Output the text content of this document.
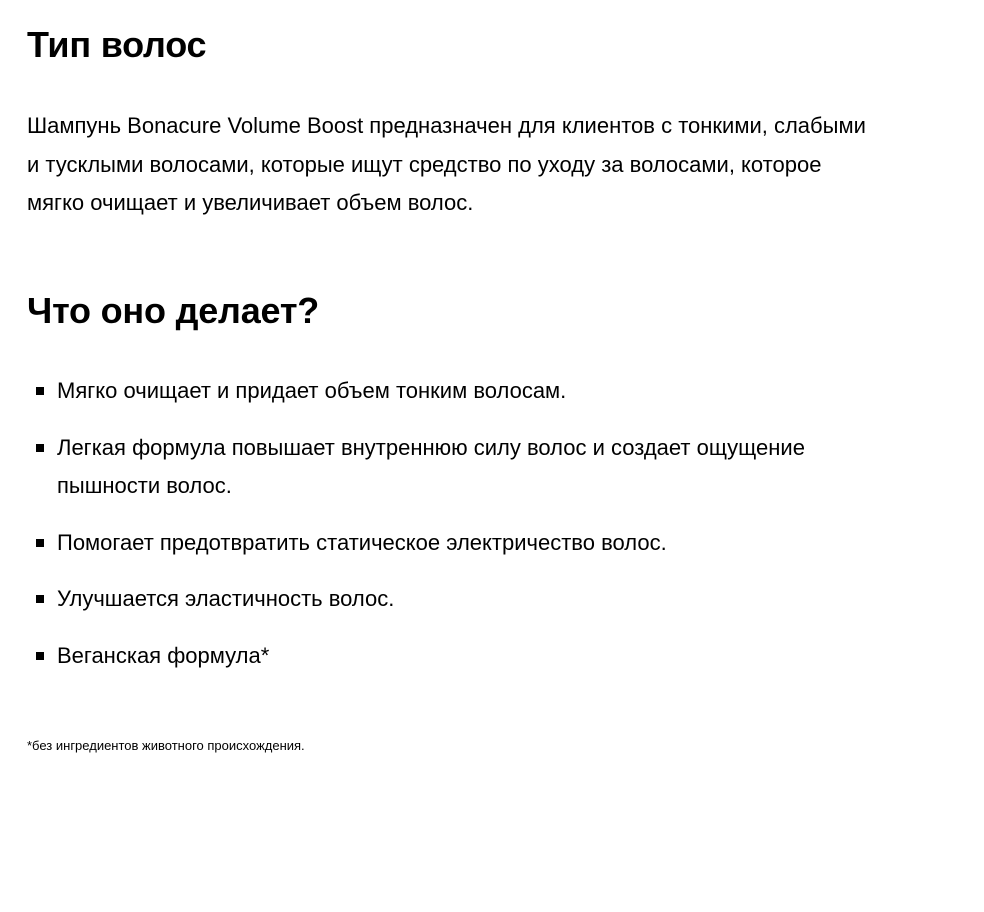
Тип волос

Шампунь Bonacure Volume Boost предназначен для клиентов с тонкими, слабыми и тусклыми волосами, которые ищут средство по уходу за волосами, которое мягко очищает и увеличивает объем волос.

Что оно делает?
Мягко очищает и придает объем тонким волосам.
Легкая формула повышает внутреннюю силу волос и создает ощущение пышности волос.
Помогает предотвратить статическое электричество волос.
Улучшается эластичность волос.
Веганская формула*

*без ингредиентов животного происхождения.
